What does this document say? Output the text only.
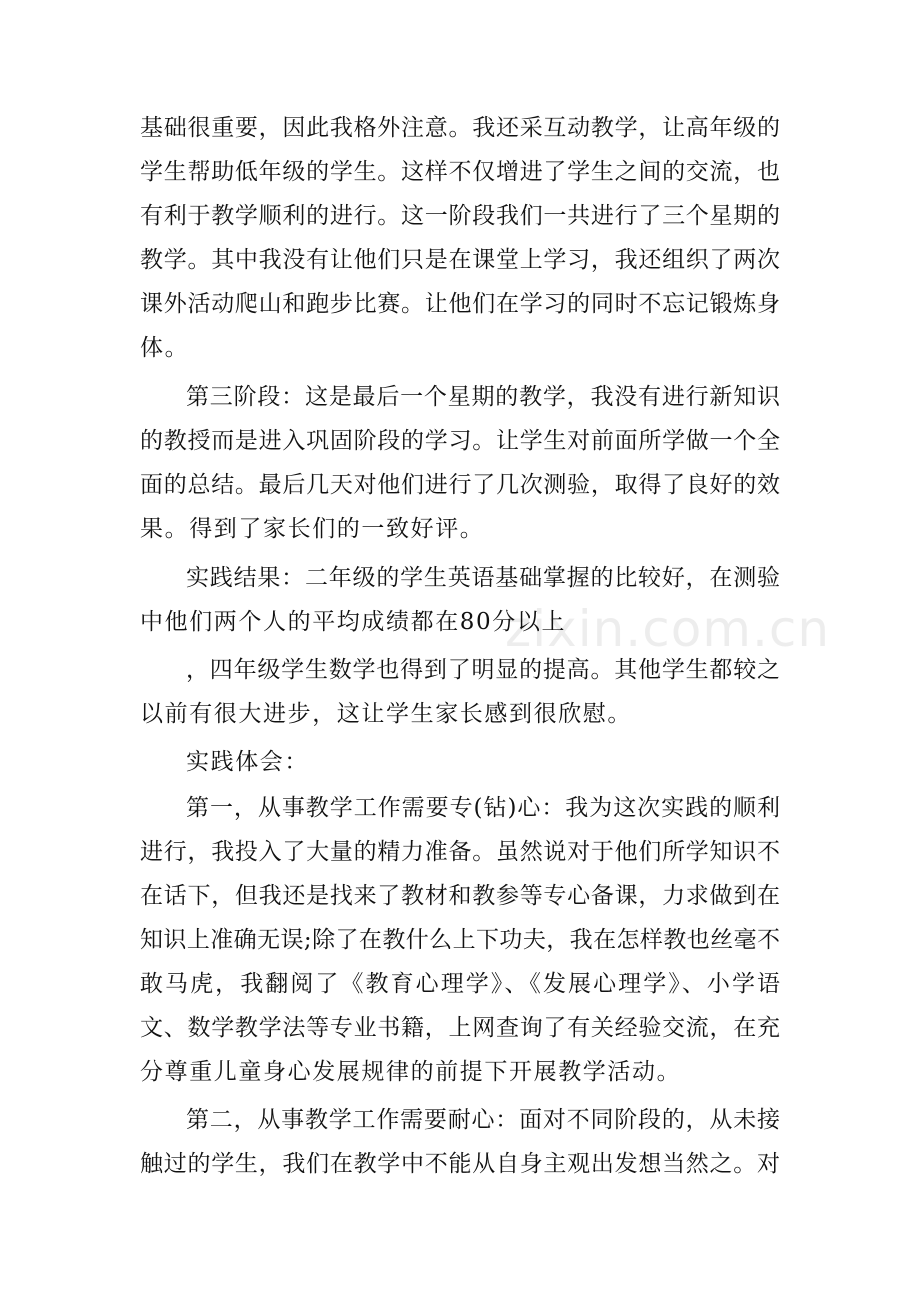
zixin.com.cn
基础很重要，因此我格外注意。我还采互动教学，让高年级的
学生帮助低年级的学生。这样不仅增进了学生之间的交流，也
有利于教学顺利的进行。这一阶段我们一共进行了三个星期的
教学。其中我没有让他们只是在课堂上学习，我还组织了两次
课外活动爬山和跑步比赛。让他们在学习的同时不忘记锻炼身
体。
第三阶段：这是最后一个星期的教学，我没有进行新知识
的教授而是进入巩固阶段的学习。让学生对前面所学做一个全
面的总结。最后几天对他们进行了几次测验，取得了良好的效
果。得到了家长们的一致好评。
实践结果：二年级的学生英语基础掌握的比较好，在测验
中他们两个人的平均成绩都在80分以上
，四年级学生数学也得到了明显的提高。其他学生都较之
以前有很大进步，这让学生家长感到很欣慰。
实践体会：
第一，从事教学工作需要专(钻)心：我为这次实践的顺利
进行，我投入了大量的精力准备。虽然说对于他们所学知识不
在话下，但我还是找来了教材和教参等专心备课，力求做到在
知识上准确无误;除了在教什么上下功夫，我在怎样教也丝毫不
敢马虎，我翻阅了《教育心理学》、《发展心理学》、小学语
文、数学教学法等专业书籍，上网查询了有关经验交流，在充
分尊重儿童身心发展规律的前提下开展教学活动。
第二，从事教学工作需要耐心：面对不同阶段的，从未接
触过的学生，我们在教学中不能从自身主观出发想当然之。对
